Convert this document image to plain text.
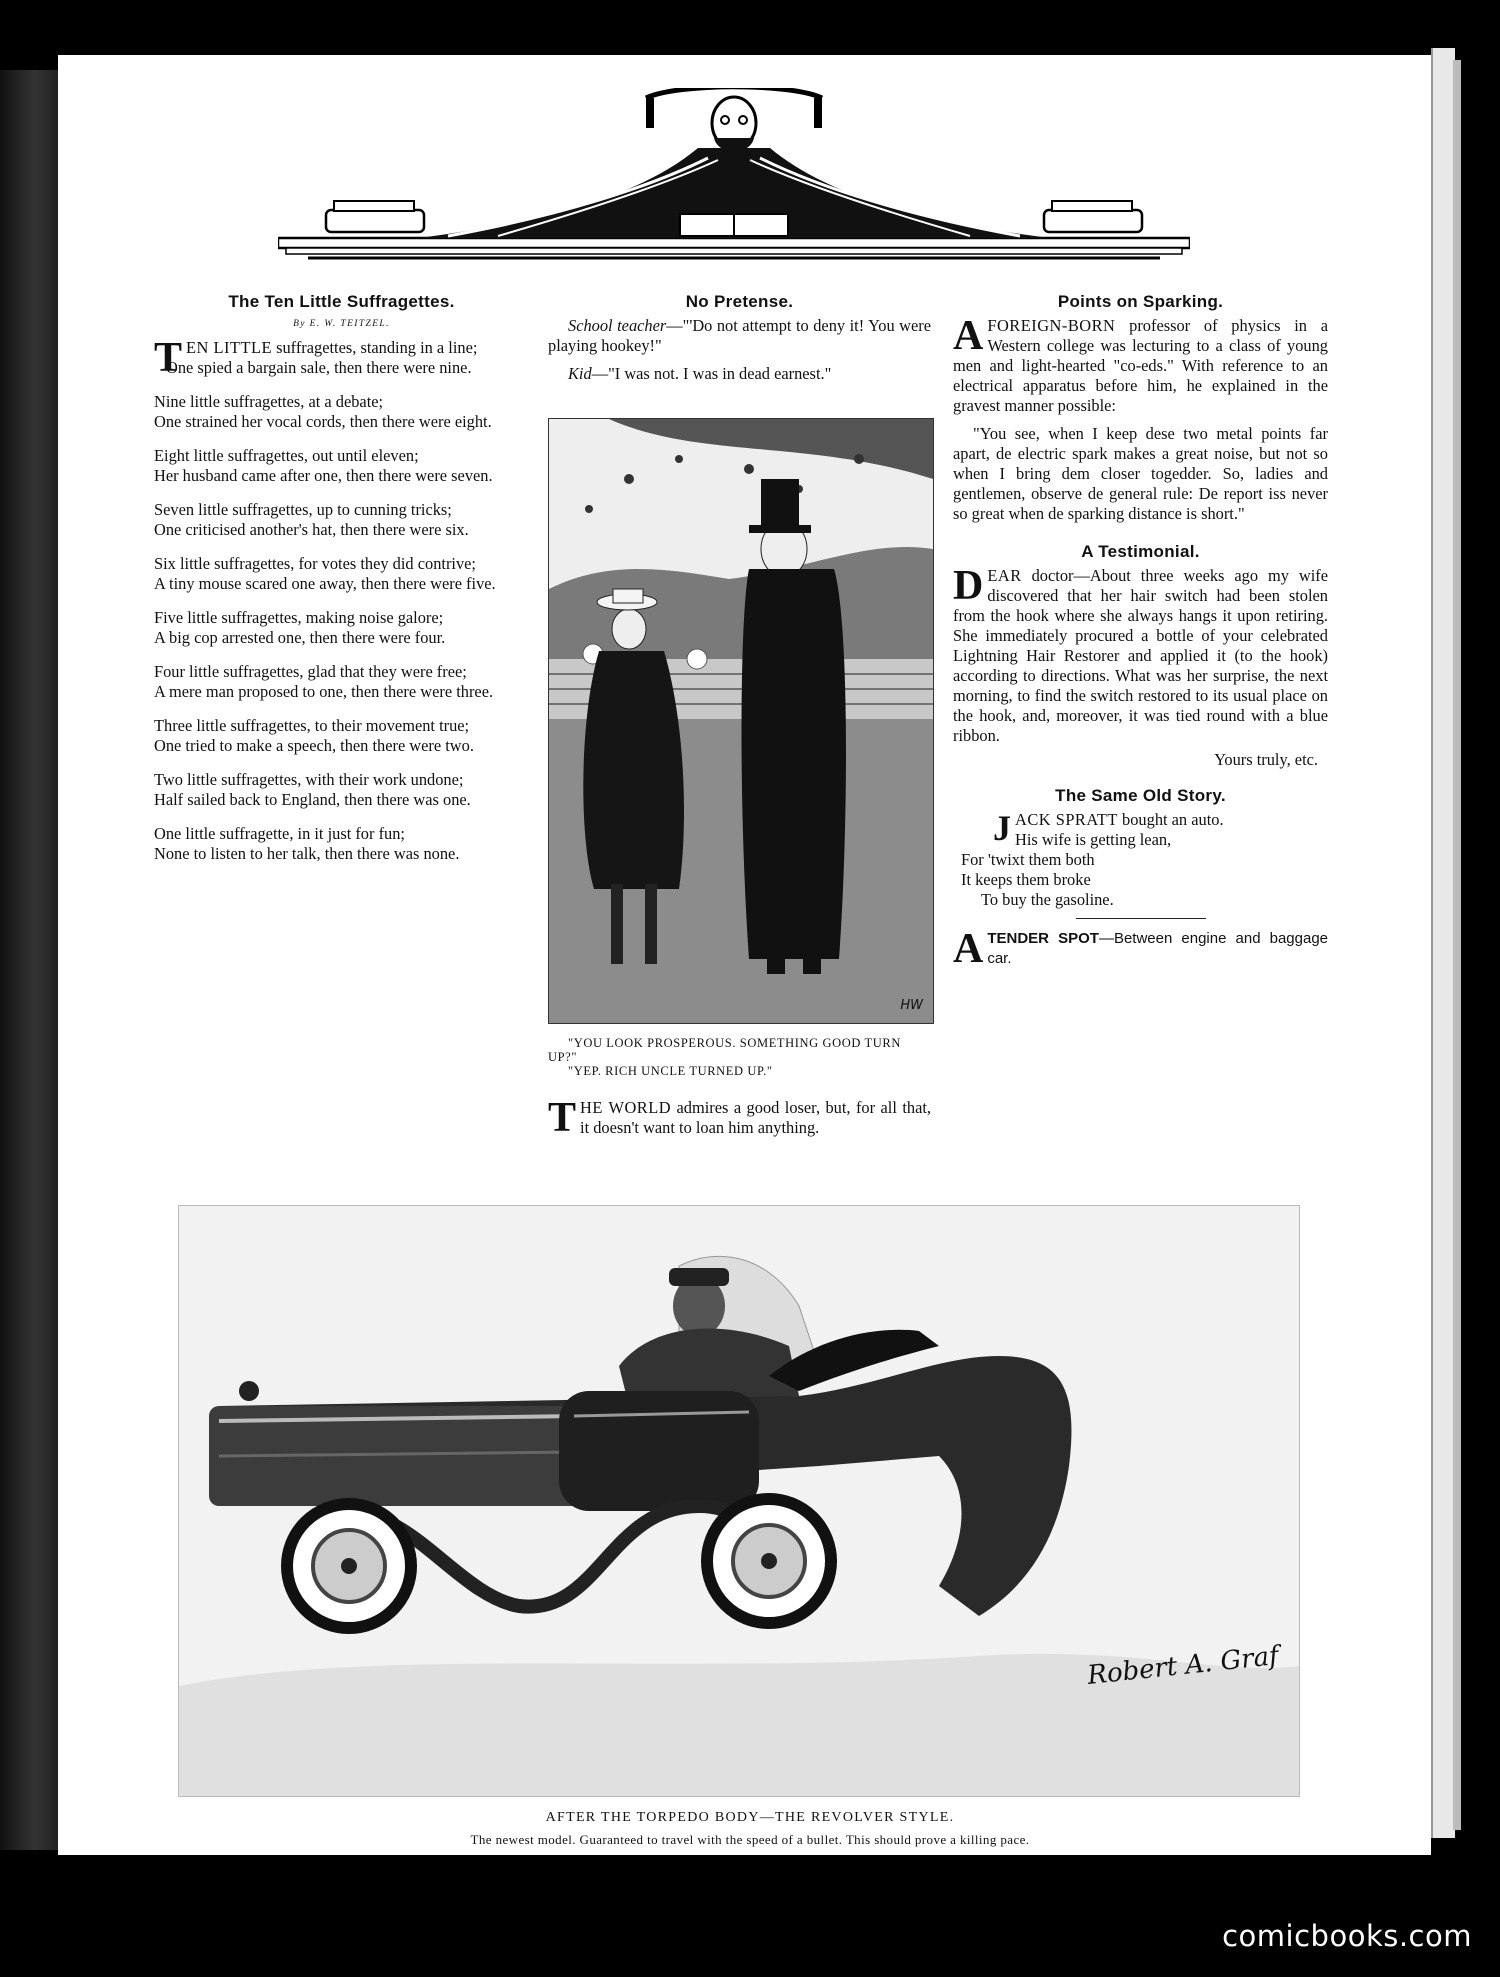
The Ten Little Suffragettes.
By E. W. TEITZEL.
TEN LITTLE suffragettes, standing in a line;
One spied a bargain sale, then there were nine.
Nine little suffragettes, at a debate;
One strained her vocal cords, then there were eight.
Eight little suffragettes, out until eleven;
Her husband came after one, then there were seven.
Seven little suffragettes, up to cunning tricks;
One criticised another's hat, then there were six.
Six little suffragettes, for votes they did contrive;
A tiny mouse scared one away, then there were five.
Five little suffragettes, making noise galore;
A big cop arrested one, then there were four.
Four little suffragettes, glad that they were free;
A mere man proposed to one, then there were three.
Three little suffragettes, to their movement true;
One tried to make a speech, then there were two.
Two little suffragettes, with their work undone;
Half sailed back to England, then there was one.
One little suffragette, in it just for fun;
None to listen to her talk, then there was none.
No Pretense.
School teacher—"'Do not attempt to deny it! You were playing hookey!"
Kid—"I was not. I was in dead earnest."
HW
"YOU LOOK PROSPEROUS. SOMETHING GOOD TURN UP?"
"YEP. RICH UNCLE TURNED UP."
THE WORLD admires a good loser, but, for all that, it doesn't want to loan him anything.
Points on Sparking.
AFOREIGN-BORN professor of physics in a Western college was lecturing to a class of young men and light-hearted "co-eds." With reference to an electrical apparatus before him, he explained in the gravest manner possible:
"You see, when I keep dese two metal points far apart, de electric spark makes a great noise, but not so when I bring dem closer togedder. So, ladies and gentlemen, observe de general rule: De report iss never so great when de sparking distance is short."
A Testimonial.
DEAR doctor—About three weeks ago my wife discovered that her hair switch had been stolen from the hook where she always hangs it upon retiring. She immediately procured a bottle of your celebrated Lightning Hair Restorer and applied it (to the hook) according to directions. What was her surprise, the next morning, to find the switch restored to its usual place on the hook, and, moreover, it was tied round with a blue ribbon.
Yours truly, etc.
The Same Old Story.
JACK SPRATT bought an auto.
His wife is getting lean,
For 'twixt them both
It keeps them broke
To buy the gasoline.
ATENDER SPOT—Between engine and baggage car.
Robert A. Graf
AFTER THE TORPEDO BODY—THE REVOLVER STYLE.
The newest model. Guaranteed to travel with the speed of a bullet. This should prove a killing pace.
comicbooks.com
